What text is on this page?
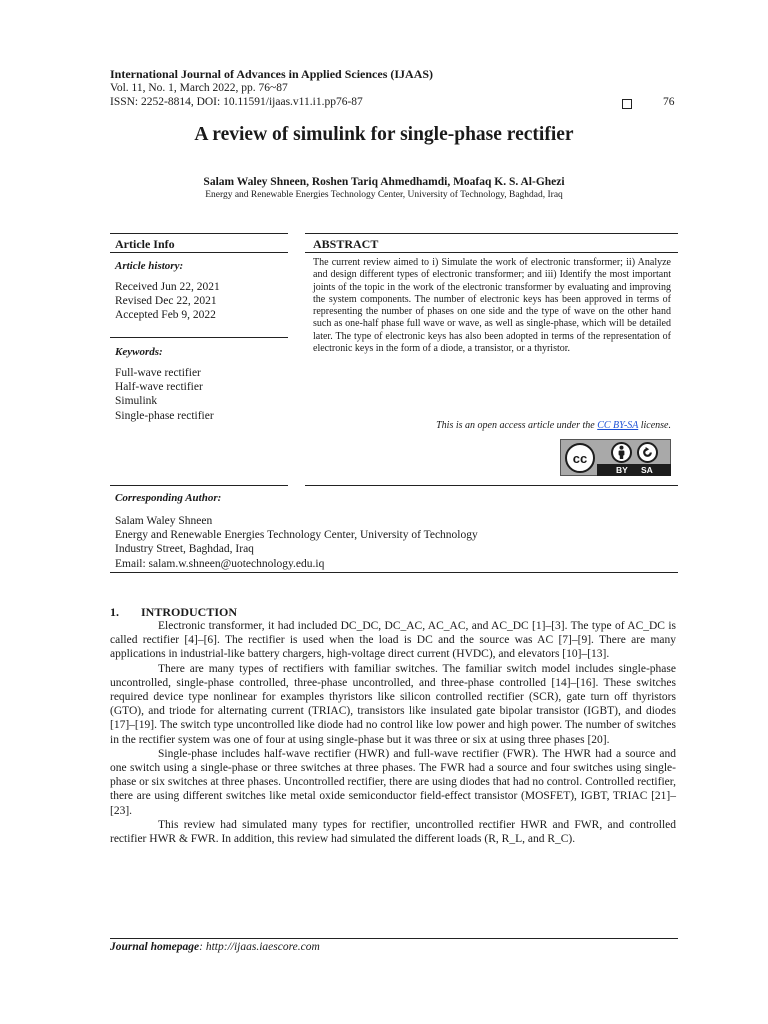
International Journal of Advances in Applied Sciences (IJAAS)
Vol. 11, No. 1, March 2022, pp. 76~87
ISSN: 2252-8814, DOI: 10.11591/ijaas.v11.i1.pp76-87	76
A review of simulink for single-phase rectifier
Salam Waley Shneen, Roshen Tariq Ahmedhamdi, Moafaq K. S. Al-Ghezi
Energy and Renewable Energies Technology Center, University of Technology, Baghdad, Iraq
Article Info
Article history:
Received Jun 22, 2021
Revised Dec 22, 2021
Accepted Feb 9, 2022
Keywords:
Full-wave rectifier
Half-wave rectifier
Simulink
Single-phase rectifier
ABSTRACT
The current review aimed to i) Simulate the work of electronic transformer; ii) Analyze and design different types of electronic transformer; and iii) Identify the most important joints of the topic in the work of the electronic transformer by evaluating and improving the system components. The number of electronic keys has been approved in terms of representing the number of phases on one side and the type of wave on the other hand such as one-half phase full wave or wave, as well as single-phase, which will be detailed later. The type of electronic keys has also been adopted in terms of the representation of electronic keys in the form of a diode, a transistor, or a thyristor.
This is an open access article under the CC BY-SA license.
cc
BY SA
Corresponding Author:
Salam Waley Shneen
Energy and Renewable Energies Technology Center, University of Technology
Industry Street, Baghdad, Iraq
Email: salam.w.shneen@uotechnology.edu.iq
1. INTRODUCTION

Electronic transformer, it had included DC_DC, DC_AC, AC_AC, and AC_DC [1]–[3]. The type of AC_DC is called rectifier [4]–[6]. The rectifier is used when the load is DC and the source was AC [7]–[9]. There are many applications in industrial-like battery chargers, high-voltage direct current (HVDC), and elevators [10]–[13].

There are many types of rectifiers with familiar switches. The familiar switch model includes single-phase uncontrolled, single-phase controlled, three-phase uncontrolled, and three-phase controlled [14]–[16]. These switches required device type nonlinear for examples thyristors like silicon controlled rectifier (SCR), gate turn off thyristors (GTO), and triode for alternating current (TRIAC), transistors like insulated gate bipolar transistor (IGBT), and diodes [17]–[19]. The switch type uncontrolled like diode had no control like low power and high power. The number of switches in the rectifier system was one of four at using single-phase but it was three or six at using three phases [20].

Single-phase includes half-wave rectifier (HWR) and full-wave rectifier (FWR). The HWR had a source and one switch using a single-phase or three switches at three phases. The FWR had a source and four switches using single-phase or six switches at three phases. Uncontrolled rectifier, there are using diodes that had no control. Controlled rectifier, there are using different switches like metal oxide semiconductor field-effect transistor (MOSFET), IGBT, TRIAC [21]–[23].

This review had simulated many types for rectifier, uncontrolled rectifier HWR and FWR, and controlled rectifier HWR & FWR. In addition, this review had simulated the different loads (R, R_L, and R_C).

Journal homepage: http://ijaas.iaescore.com
